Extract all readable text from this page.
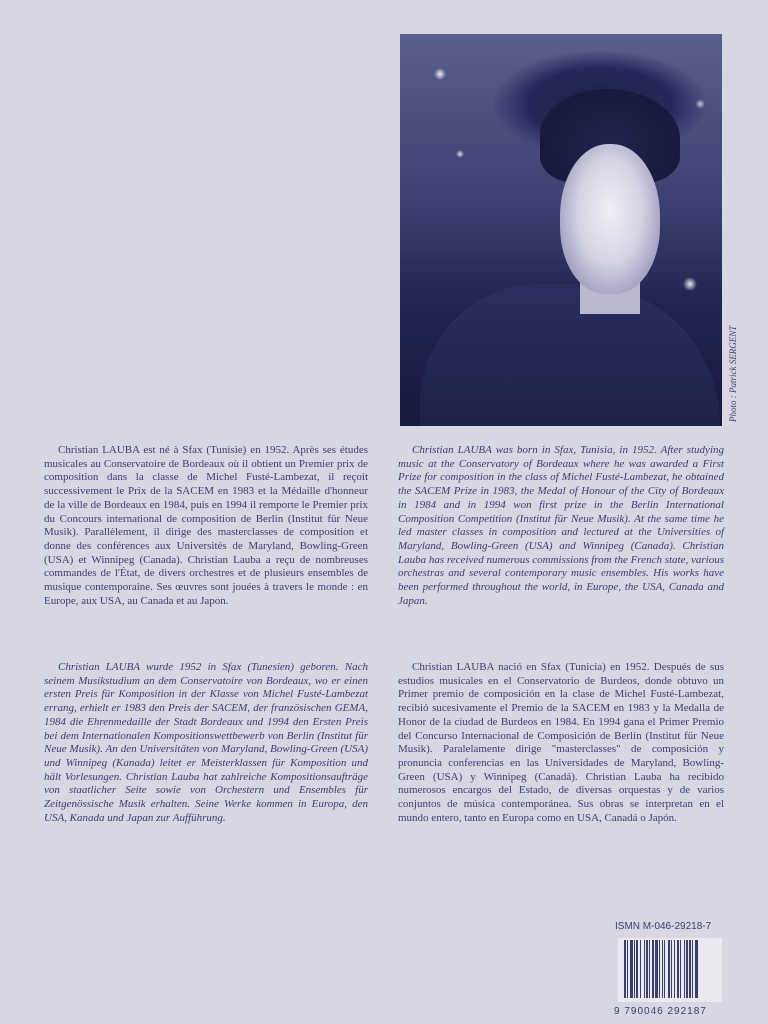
Photo : Patrick SERGENT

Christian LAUBA est né à Sfax (Tunisie) en 1952. Après ses études musicales au Conservatoire de Bordeaux où il obtient un Premier prix de composition dans la classe de Michel Fusté-Lambezat, il reçoit successivement le Prix de la SACEM en 1983 et la Médaille d'honneur de la ville de Bordeaux en 1984, puis en 1994 il remporte le Premier prix du Concours international de composition de Berlin (Institut für Neue Musik). Parallèlement, il dirige des masterclasses de composition et donne des conférences aux Universités de Maryland, Bowling-Green (USA) et Winnipeg (Canada). Christian Lauba a reçu de nombreuses commandes de l'État, de divers orchestres et de plusieurs ensembles de musique contemporaine. Ses œuvres sont jouées à travers le monde : en Europe, aux USA, au Canada et au Japon.

Christian LAUBA was born in Sfax, Tunisia, in 1952. After studying music at the Conservatory of Bordeaux where he was awarded a First Prize for composition in the class of Michel Fusté-Lambezat, he obtained the SACEM Prize in 1983, the Medal of Honour of the City of Bordeaux in 1984 and in 1994 won first prize in the Berlin International Composition Competition (Institut für Neue Musik). At the same time he led master classes in composition and lectured at the Universities of Maryland, Bowling-Green (USA) and Winnipeg (Canada). Christian Lauba has received numerous commissions from the French state, various orchestras and several contemporary music ensembles. His works have been performed throughout the world, in Europe, the USA, Canada and Japan.

Christian LAUBA wurde 1952 in Sfax (Tunesien) geboren. Nach seinem Musikstudium an dem Conservatoire von Bordeaux, wo er einen ersten Preis für Komposition in der Klasse von Michel Fusté-Lambezat errang, erhielt er 1983 den Preis der SACEM, der französischen GEMA, 1984 die Ehrenmedaille der Stadt Bordeaux und 1994 den Ersten Preis bei dem Internationalen Kompositionswettbewerb von Berlin (Institut für Neue Musik). An den Universitäten von Maryland, Bowling-Green (USA) und Winnipeg (Kanada) leitet er Meisterklassen für Komposition und hält Vorlesungen. Christian Lauba hat zahlreiche Kompositionsaufträge von staatlicher Seite sowie von Orchestern und Ensembles für Zeitgenössische Musik erhalten. Seine Werke kommen in Europa, den USA, Kanada und Japan zur Aufführung.

Christian LAUBA nació en Sfax (Tunicia) en 1952. Después de sus estudios musicales en el Conservatorio de Burdeos, donde obtuvo un Primer premio de composición en la clase de Michel Fusté-Lambezat, recibió sucesivamente el Premio de la SACEM en 1983 y la Medalla de Honor de la ciudad de Burdeos en 1984. En 1994 gana el Primer Premio del Concurso Internacional de Composición de Berlín (Institut für Neue Musik). Paralelamente dirige "masterclasses" de composición y pronuncia conferencias en las Universidades de Maryland, Bowling-Green (USA) y Winnipeg (Canadá). Christian Lauba ha recibido numerosos encargos del Estado, de diversas orquestas y de varios conjuntos de música contemporánea. Sus obras se interpretan en el mundo entero, tanto en Europa como en USA, Canadá o Japón.

ISMN M-046-29218-7
9 790046 292187
